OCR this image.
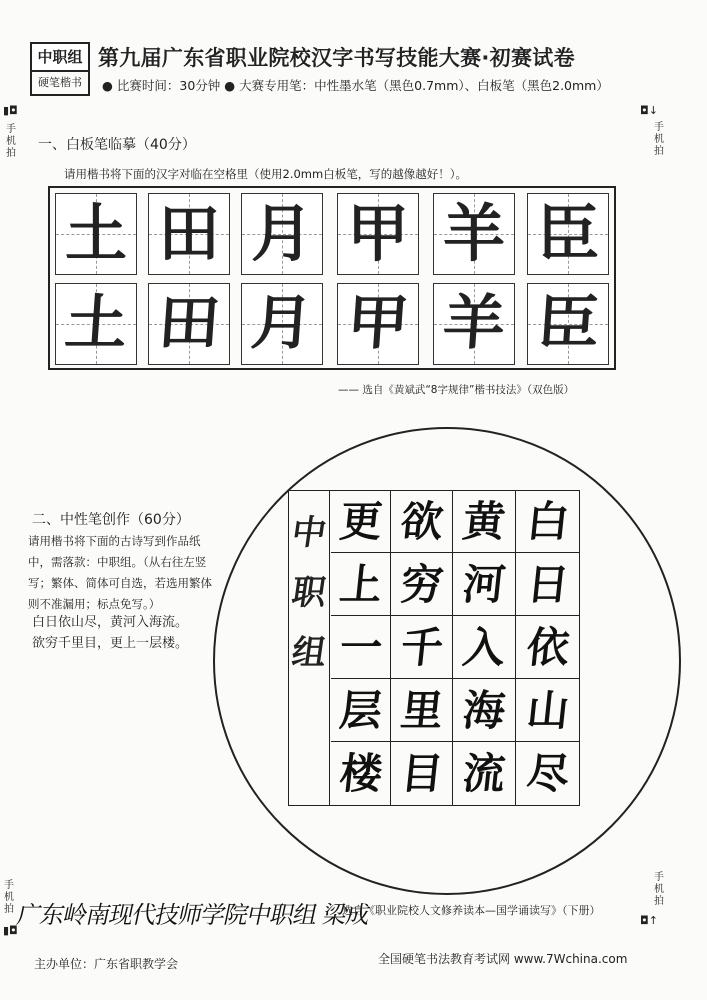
中职组
硬笔楷书
第九届广东省职业院校汉字书写技能大赛·初赛试卷
● 比赛时间：30分钟 ● 大赛专用笔：中性墨水笔（黑色0.7mm）、白板笔（黑色2.0mm）
▮◘
手机拍
◘↓
手机拍
手机拍
▮◘
手机拍
◘↑
一、白板笔临摹（40分）
请用楷书将下面的汉字对临在空格里（使用2.0mm白板笔，写的越像越好！）。
土 田 月 甲 羊 臣
土 田 月 甲 羊 臣
—— 选自《黄斌武“8字规律”楷书技法》（双色版）
二、中性笔创作（60分）
请用楷书将下面的古诗写到作品纸中，需落款：中职组。（从右往左竖写；繁体、简体可自选，若选用繁体则不准漏用；标点免写。）
白日依山尽，黄河入海流。
欲穷千里目，更上一层楼。
中
职
组
白
日
依
山
尽
黄
河
入
海
流
欲
穷
千
里
目
更
上
一
层
楼
广东岭南现代技师学院中职组 梁成
选自《职业院校人文修养读本—国学诵读写》（下册）
主办单位：广东省职教学会	全国硬笔书法教育考试网 www.7Wchina.com
